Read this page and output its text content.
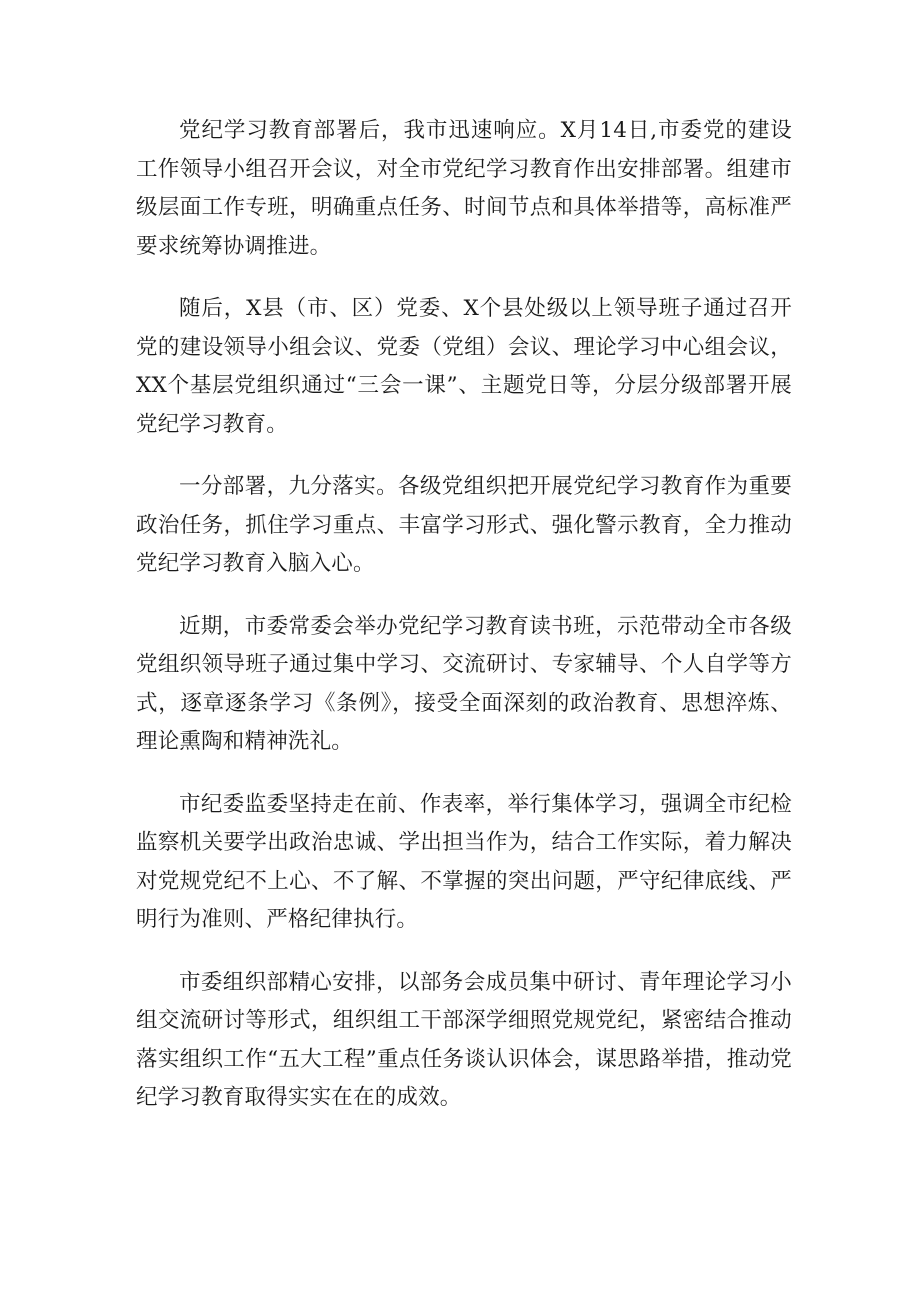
党纪学习教育部署后，我市迅速响应。X月14日,市委党的建设工作领导小组召开会议，对全市党纪学习教育作出安排部署。组建市级层面工作专班，明确重点任务、时间节点和具体举措等，高标准严要求统筹协调推进。

随后，X县（市、区）党委、X个县处级以上领导班子通过召开党的建设领导小组会议、党委（党组）会议、理论学习中心组会议，XX个基层党组织通过“三会一课”、主题党日等，分层分级部署开展党纪学习教育。

一分部署，九分落实。各级党组织把开展党纪学习教育作为重要政治任务，抓住学习重点、丰富学习形式、强化警示教育，全力推动党纪学习教育入脑入心。

近期，市委常委会举办党纪学习教育读书班，示范带动全市各级党组织领导班子通过集中学习、交流研讨、专家辅导、个人自学等方式，逐章逐条学习《条例》，接受全面深刻的政治教育、思想淬炼、理论熏陶和精神洗礼。

市纪委监委坚持走在前、作表率，举行集体学习，强调全市纪检监察机关要学出政治忠诚、学出担当作为，结合工作实际，着力解决对党规党纪不上心、不了解、不掌握的突出问题，严守纪律底线、严明行为准则、严格纪律执行。

市委组织部精心安排，以部务会成员集中研讨、青年理论学习小组交流研讨等形式，组织组工干部深学细照党规党纪，紧密结合推动落实组织工作“五大工程”重点任务谈认识体会，谋思路举措，推动党纪学习教育取得实实在在的成效。
